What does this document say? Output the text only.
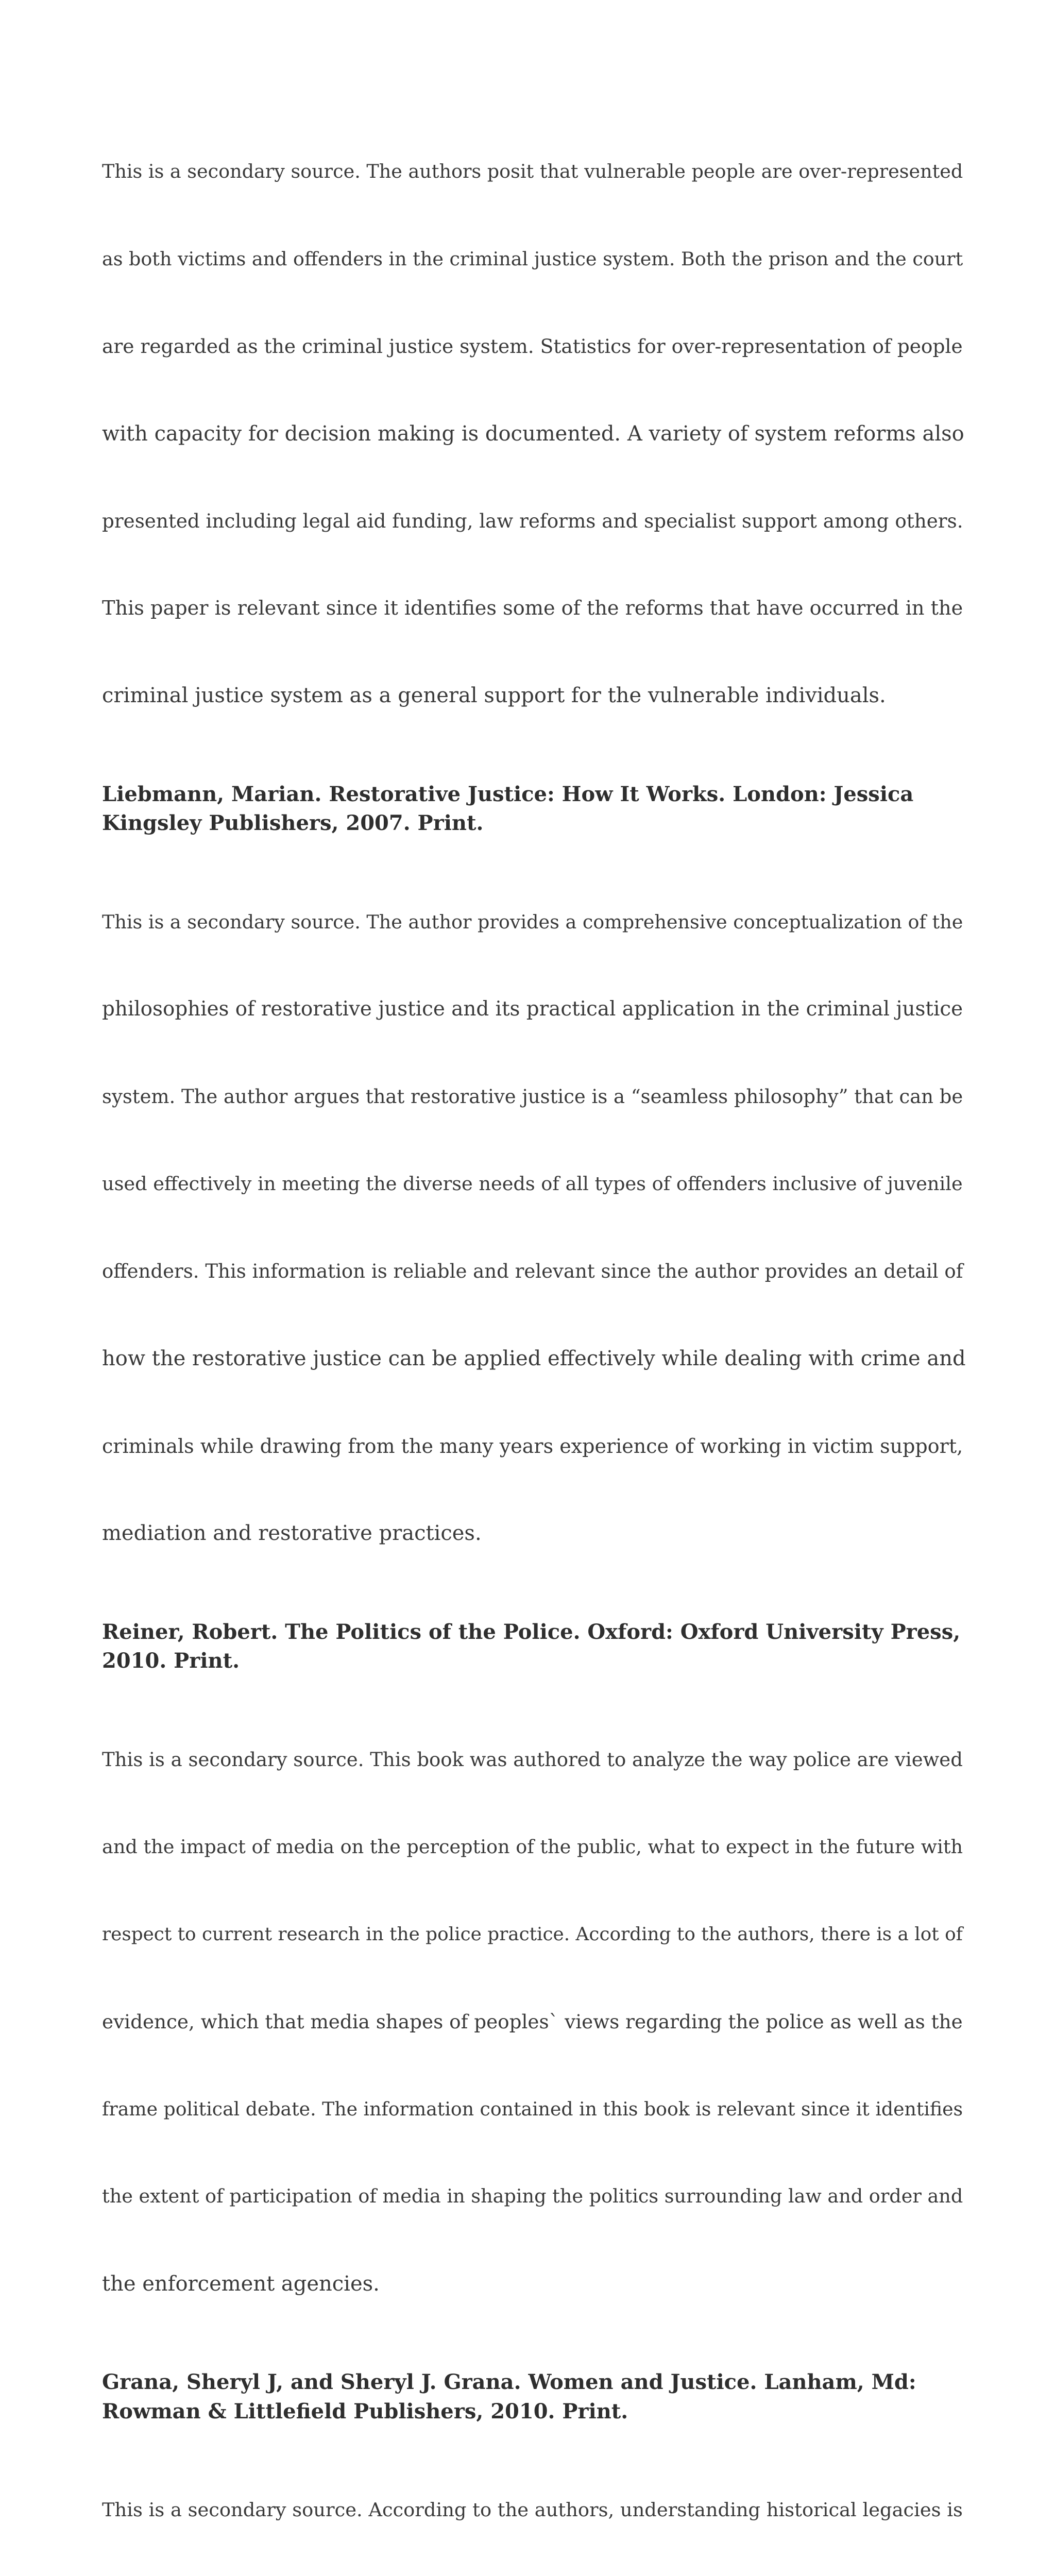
This is a secondary source. The authors posit that vulnerable people are over-represented

as both victims and offenders in the criminal justice system. Both the prison and the court

are regarded as the criminal justice system. Statistics for over-representation of people

with capacity for decision making is documented. A variety of system reforms also

presented including legal aid funding, law reforms and specialist support among others.

This paper is relevant since it identifies some of the reforms that have occurred in the

criminal justice system as a general support for the vulnerable individuals.

Liebmann, Marian. Restorative Justice: How It Works. London: Jessica
Kingsley Publishers, 2007. Print.

This is a secondary source. The author provides a comprehensive conceptualization of the

philosophies of restorative justice and its practical application in the criminal justice

system. The author argues that restorative justice is a “seamless philosophy” that can be

used effectively in meeting the diverse needs of all types of offenders inclusive of juvenile

offenders. This information is reliable and relevant since the author provides an detail of

how the restorative justice can be applied effectively while dealing with crime and

criminals while drawing from the many years experience of working in victim support,

mediation and restorative practices.

Reiner, Robert. The Politics of the Police. Oxford: Oxford University Press,
2010. Print.

This is a secondary source. This book was authored to analyze the way police are viewed

and the impact of media on the perception of the public, what to expect in the future with

respect to current research in the police practice. According to the authors, there is a lot of

evidence, which that media shapes of peoples` views regarding the police as well as the

frame political debate. The information contained in this book is relevant since it identifies

the extent of participation of media in shaping the politics surrounding law and order and

the enforcement agencies.

Grana, Sheryl J, and Sheryl J. Grana. Women and Justice. Lanham, Md:
Rowman & Littlefield Publishers, 2010. Print.

This is a secondary source. According to the authors, understanding historical legacies is
